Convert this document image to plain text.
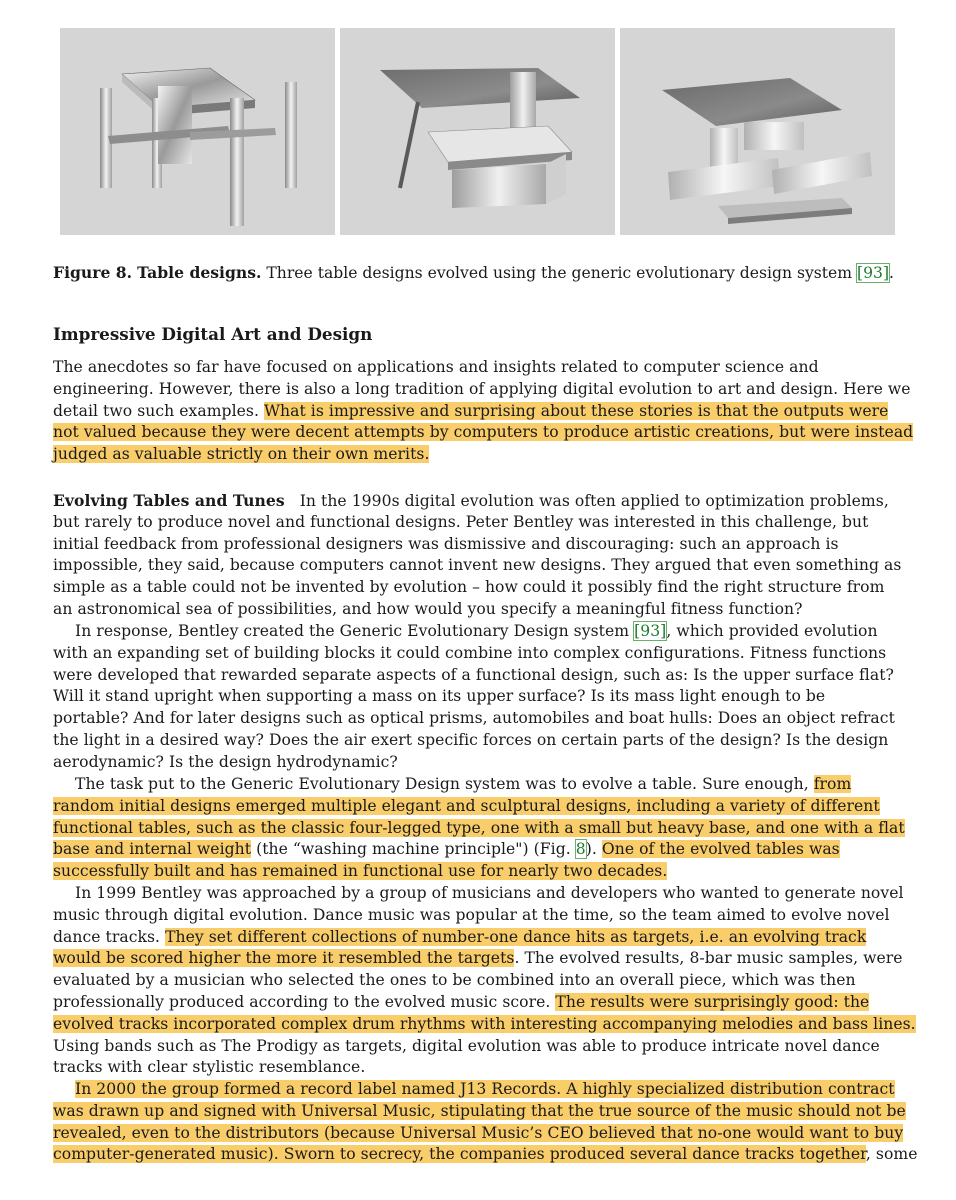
Figure 8. Table designs. Three table designs evolved using the generic evolutionary design system [93].
Impressive Digital Art and Design
The anecdotes so far have focused on applications and insights related to computer science and
engineering. However, there is also a long tradition of applying digital evolution to art and design. Here we
detail two such examples. What is impressive and surprising about these stories is that the outputs were
not valued because they were decent attempts by computers to produce artistic creations, but were instead
judged as valuable strictly on their own merits.
Evolving Tables and Tunes   In the 1990s digital evolution was often applied to optimization problems,
but rarely to produce novel and functional designs. Peter Bentley was interested in this challenge, but
initial feedback from professional designers was dismissive and discouraging: such an approach is
impossible, they said, because computers cannot invent new designs. They argued that even something as
simple as a table could not be invented by evolution – how could it possibly find the right structure from
an astronomical sea of possibilities, and how would you specify a meaningful fitness function?
In response, Bentley created the Generic Evolutionary Design system [93], which provided evolution
with an expanding set of building blocks it could combine into complex configurations. Fitness functions
were developed that rewarded separate aspects of a functional design, such as: Is the upper surface flat?
Will it stand upright when supporting a mass on its upper surface? Is its mass light enough to be
portable? And for later designs such as optical prisms, automobiles and boat hulls: Does an object refract
the light in a desired way? Does the air exert specific forces on certain parts of the design? Is the design
aerodynamic? Is the design hydrodynamic?
The task put to the Generic Evolutionary Design system was to evolve a table. Sure enough, from
random initial designs emerged multiple elegant and sculptural designs, including a variety of different
functional tables, such as the classic four-legged type, one with a small but heavy base, and one with a flat
base and internal weight (the “washing machine principle") (Fig. 8). One of the evolved tables was
successfully built and has remained in functional use for nearly two decades.
In 1999 Bentley was approached by a group of musicians and developers who wanted to generate novel
music through digital evolution. Dance music was popular at the time, so the team aimed to evolve novel
dance tracks. They set different collections of number-one dance hits as targets, i.e. an evolving track
would be scored higher the more it resembled the targets. The evolved results, 8-bar music samples, were
evaluated by a musician who selected the ones to be combined into an overall piece, which was then
professionally produced according to the evolved music score. The results were surprisingly good: the
evolved tracks incorporated complex drum rhythms with interesting accompanying melodies and bass lines.
Using bands such as The Prodigy as targets, digital evolution was able to produce intricate novel dance
tracks with clear stylistic resemblance.
In 2000 the group formed a record label named J13 Records. A highly specialized distribution contract
was drawn up and signed with Universal Music, stipulating that the true source of the music should not be
revealed, even to the distributors (because Universal Music’s CEO believed that no-one would want to buy
computer-generated music). Sworn to secrecy, the companies produced several dance tracks together, some
